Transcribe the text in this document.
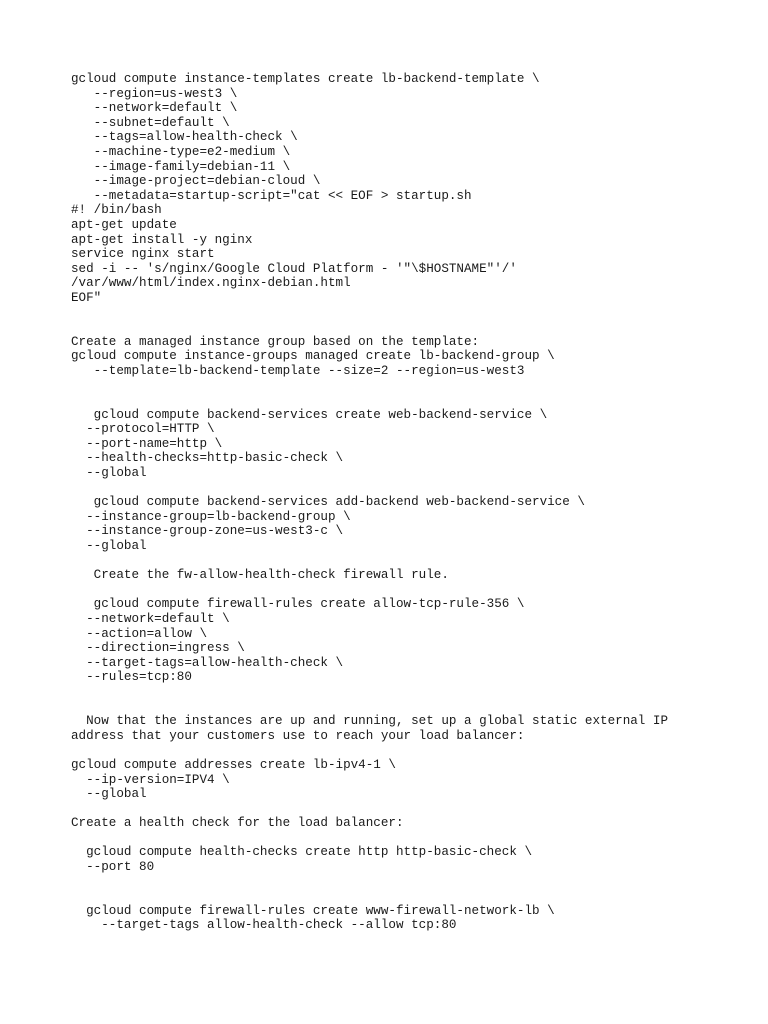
gcloud compute instance-templates create lb-backend-template \
--region=us-west3 \
--network=default \
--subnet=default \
--tags=allow-health-check \
--machine-type=e2-medium \
--image-family=debian-11 \
--image-project=debian-cloud \
--metadata=startup-script="cat << EOF > startup.sh
#! /bin/bash
apt-get update
apt-get install -y nginx
service nginx start
sed -i -- 's/nginx/Google Cloud Platform - '"\$HOSTNAME"'/'
/var/www/html/index.nginx-debian.html
EOF"
Create a managed instance group based on the template:
gcloud compute instance-groups managed create lb-backend-group \
--template=lb-backend-template --size=2 --region=us-west3
gcloud compute backend-services create web-backend-service \
--protocol=HTTP \
--port-name=http \
--health-checks=http-basic-check \
--global
gcloud compute backend-services add-backend web-backend-service \
--instance-group=lb-backend-group \
--instance-group-zone=us-west3-c \
--global
Create the fw-allow-health-check firewall rule.
gcloud compute firewall-rules create allow-tcp-rule-356 \
--network=default \
--action=allow \
--direction=ingress \
--target-tags=allow-health-check \
--rules=tcp:80
Now that the instances are up and running, set up a global static external IP
address that your customers use to reach your load balancer:
gcloud compute addresses create lb-ipv4-1 \
--ip-version=IPV4 \
--global
Create a health check for the load balancer:
gcloud compute health-checks create http http-basic-check \
--port 80
gcloud compute firewall-rules create www-firewall-network-lb \
--target-tags allow-health-check --allow tcp:80
